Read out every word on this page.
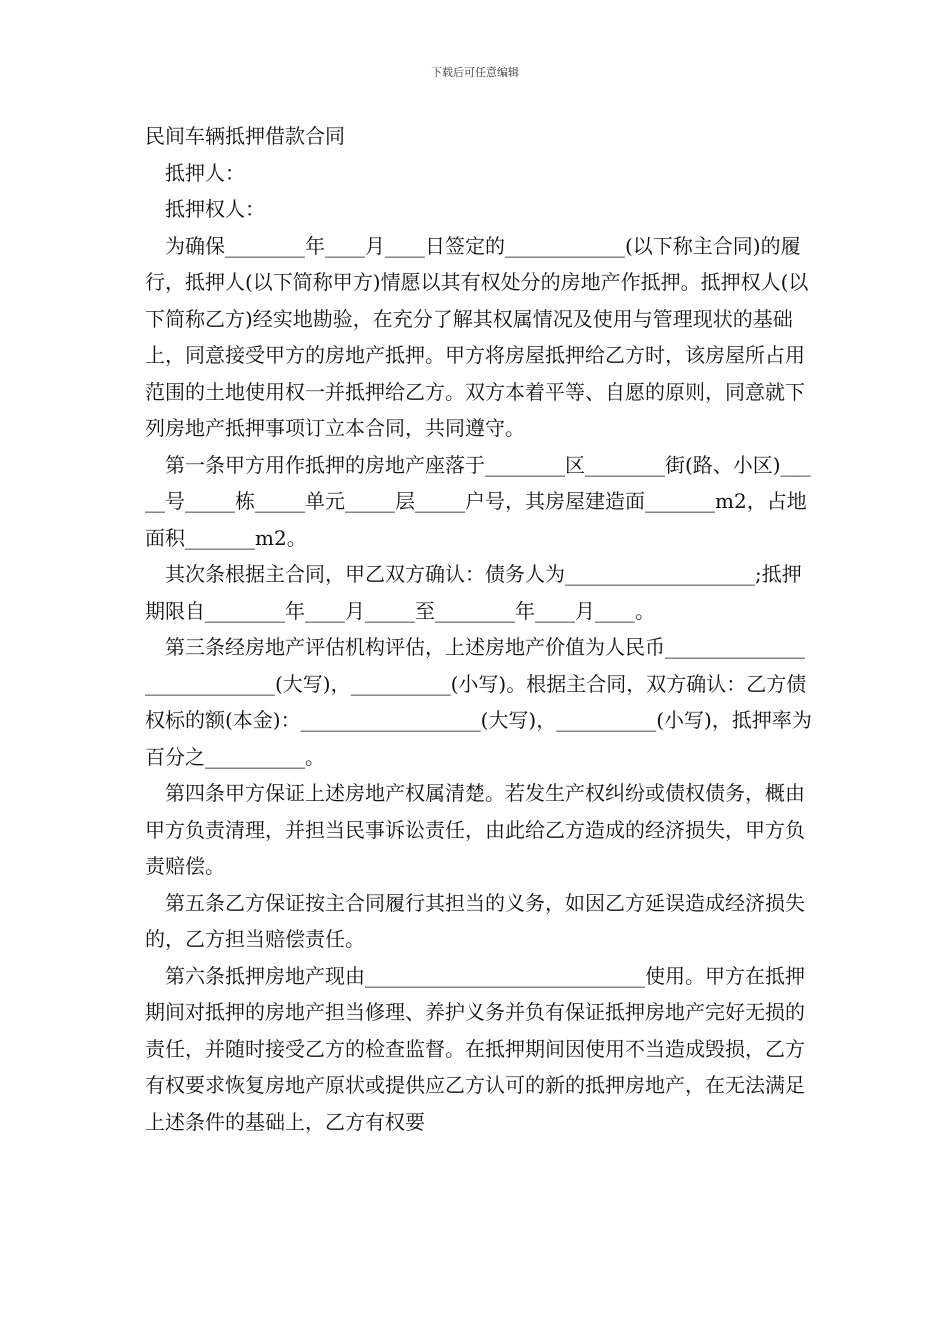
下载后可任意编辑

民间车辆抵押借款合同

抵押人：

抵押权人：

为确保________年____月____日签定的____________(以下称主合同)的履行，抵押人(以下简称甲方)情愿以其有权处分的房地产作抵押。抵押权人(以下简称乙方)经实地勘验，在充分了解其权属情况及使用与管理现状的基础上，同意接受甲方的房地产抵押。甲方将房屋抵押给乙方时，该房屋所占用范围的土地使用权一并抵押给乙方。双方本着平等、自愿的原则，同意就下列房地产抵押事项订立本合同，共同遵守。

第一条甲方用作抵押的房地产座落于________区________街(路、小区)_____号_____栋_____单元_____层_____户号，其房屋建造面_______m2，占地面积_______m2。

其次条根据主合同，甲乙双方确认：债务人为___________________;抵押期限自________年____月_____至________年____月____。

第三条经房地产评估机构评估，上述房地产价值为人民币___________________________(大写)，__________(小写)。根据主合同，双方确认：乙方债权标的额(本金)：__________________(大写)，__________(小写)，抵押率为百分之__________。

第四条甲方保证上述房地产权属清楚。若发生产权纠纷或债权债务，概由甲方负责清理，并担当民事诉讼责任，由此给乙方造成的经济损失，甲方负责赔偿。

第五条乙方保证按主合同履行其担当的义务，如因乙方延误造成经济损失的，乙方担当赔偿责任。

第六条抵押房地产现由____________________________使用。甲方在抵押期间对抵押的房地产担当修理、养护义务并负有保证抵押房地产完好无损的责任，并随时接受乙方的检查监督。在抵押期间因使用不当造成毁损，乙方有权要求恢复房地产原状或提供应乙方认可的新的抵押房地产，在无法满足上述条件的基础上，乙方有权要
